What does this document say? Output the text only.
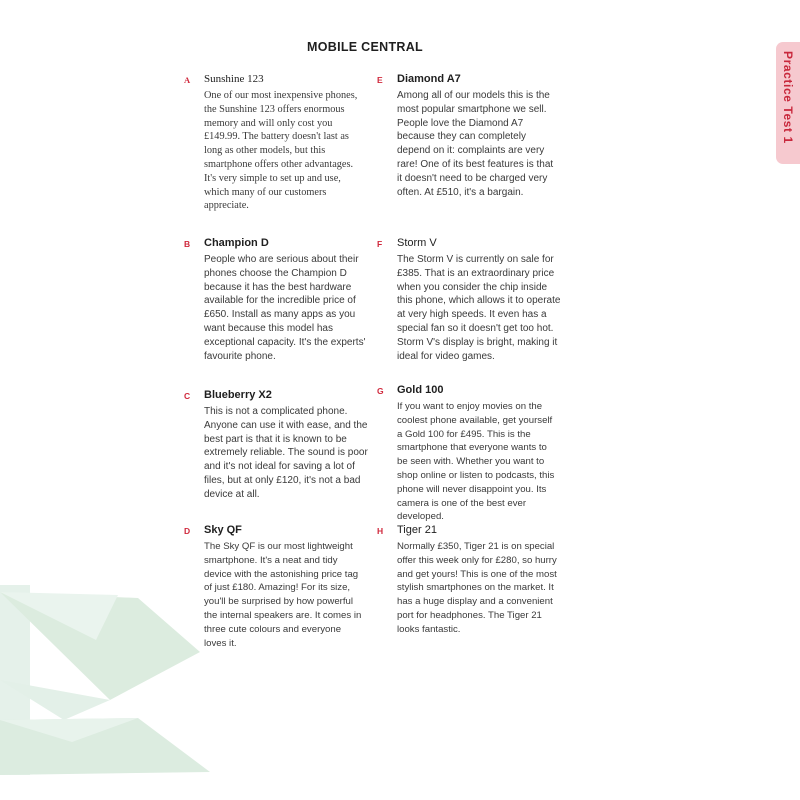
MOBILE CENTRAL
Practice Test 1
A Sunshine 123

One of our most inexpensive phones, the Sunshine 123 offers enormous memory and will only cost you £149.99. The battery doesn't last as long as other models, but this smartphone offers other advantages. It's very simple to set up and use, which many of our customers appreciate.

B Champion D

People who are serious about their phones choose the Champion D because it has the best hardware available for the incredible price of £650. Install as many apps as you want because this model has exceptional capacity. It's the experts' favourite phone.

C Blueberry X2

This is not a complicated phone. Anyone can use it with ease, and the best part is that it is known to be extremely reliable. The sound is poor and it's not ideal for saving a lot of files, but at only £120, it's not a bad device at all.

D Sky QF

The Sky QF is our most lightweight smartphone. It's a neat and tidy device with the astonishing price tag of just £180. Amazing! For its size, you'll be surprised by how powerful the internal speakers are. It comes in three cute colours and everyone loves it.

E Diamond A7

Among all of our models this is the most popular smartphone we sell. People love the Diamond A7 because they can completely depend on it: complaints are very rare! One of its best features is that it doesn't need to be charged very often. At £510, it's a bargain.

F Storm V

The Storm V is currently on sale for £385. That is an extraordinary price when you consider the chip inside this phone, which allows it to operate at very high speeds. It even has a special fan so it doesn't get too hot. Storm V's display is bright, making it ideal for video games.

G Gold 100

If you want to enjoy movies on the coolest phone available, get yourself a Gold 100 for £495. This is the smartphone that everyone wants to be seen with. Whether you want to shop online or listen to podcasts, this phone will never disappoint you. Its camera is one of the best ever developed.

H Tiger 21

Normally £350, Tiger 21 is on special offer this week only for £280, so hurry and get yours! This is one of the most stylish smartphones on the market. It has a huge display and a convenient port for headphones. The Tiger 21 looks fantastic.
